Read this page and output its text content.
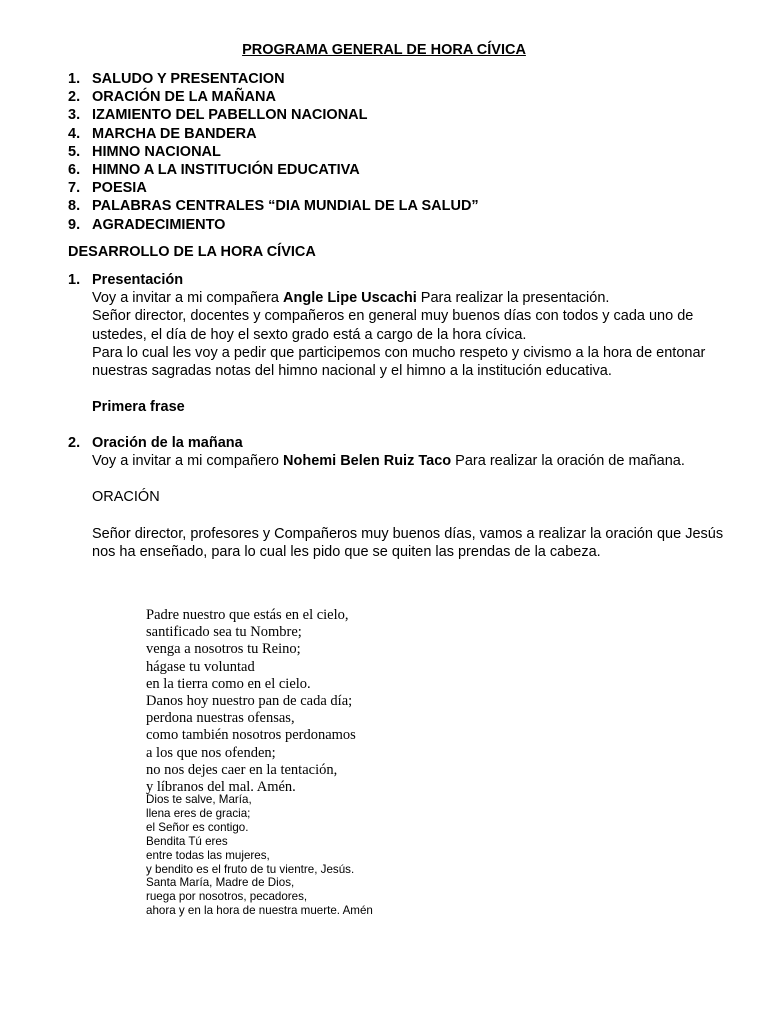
PROGRAMA GENERAL DE HORA CÍVICA
1. SALUDO Y PRESENTACION
2. ORACIÓN DE LA MAÑANA
3. IZAMIENTO DEL PABELLON NACIONAL
4. MARCHA DE BANDERA
5. HIMNO NACIONAL
6. HIMNO A LA INSTITUCIÓN EDUCATIVA
7. POESIA
8. PALABRAS CENTRALES “DIA MUNDIAL DE LA SALUD”
9. AGRADECIMIENTO
DESARROLLO DE LA HORA CÍVICA
1. Presentación

Voy a invitar a mi compañera Angle Lipe Uscachi Para realizar la presentación.

Señor director, docentes y compañeros en general muy buenos días con todos y cada uno de ustedes, el día de hoy el sexto grado está a cargo de la hora cívica.

Para lo cual les voy a pedir que participemos con mucho respeto y civismo a la hora de entonar nuestras sagradas notas del himno nacional y el himno a la institución educativa.

Primera frase

2. Oración de la mañana

Voy a invitar a mi compañero Nohemi Belen Ruiz Taco Para realizar la oración de mañana.

ORACIÓN

Señor director, profesores y Compañeros muy buenos días, vamos a realizar la oración que Jesús nos ha enseñado, para lo cual les pido que se quiten las prendas de la cabeza.

Padre nuestro que estás en el cielo,
santificado sea tu Nombre;
venga a nosotros tu Reino;
hágase tu voluntad
en la tierra como en el cielo.
Danos hoy nuestro pan de cada día;
perdona nuestras ofensas,
como también nosotros perdonamos
a los que nos ofenden;
no nos dejes caer en la tentación,
y líbranos del mal. Amén.
Dios te salve, María,
llena eres de gracia;
el Señor es contigo.
Bendita Tú eres
entre todas las mujeres,
y bendito es el fruto de tu vientre, Jesús.
Santa María, Madre de Dios,
ruega por nosotros, pecadores,
ahora y en la hora de nuestra muerte. Amén
